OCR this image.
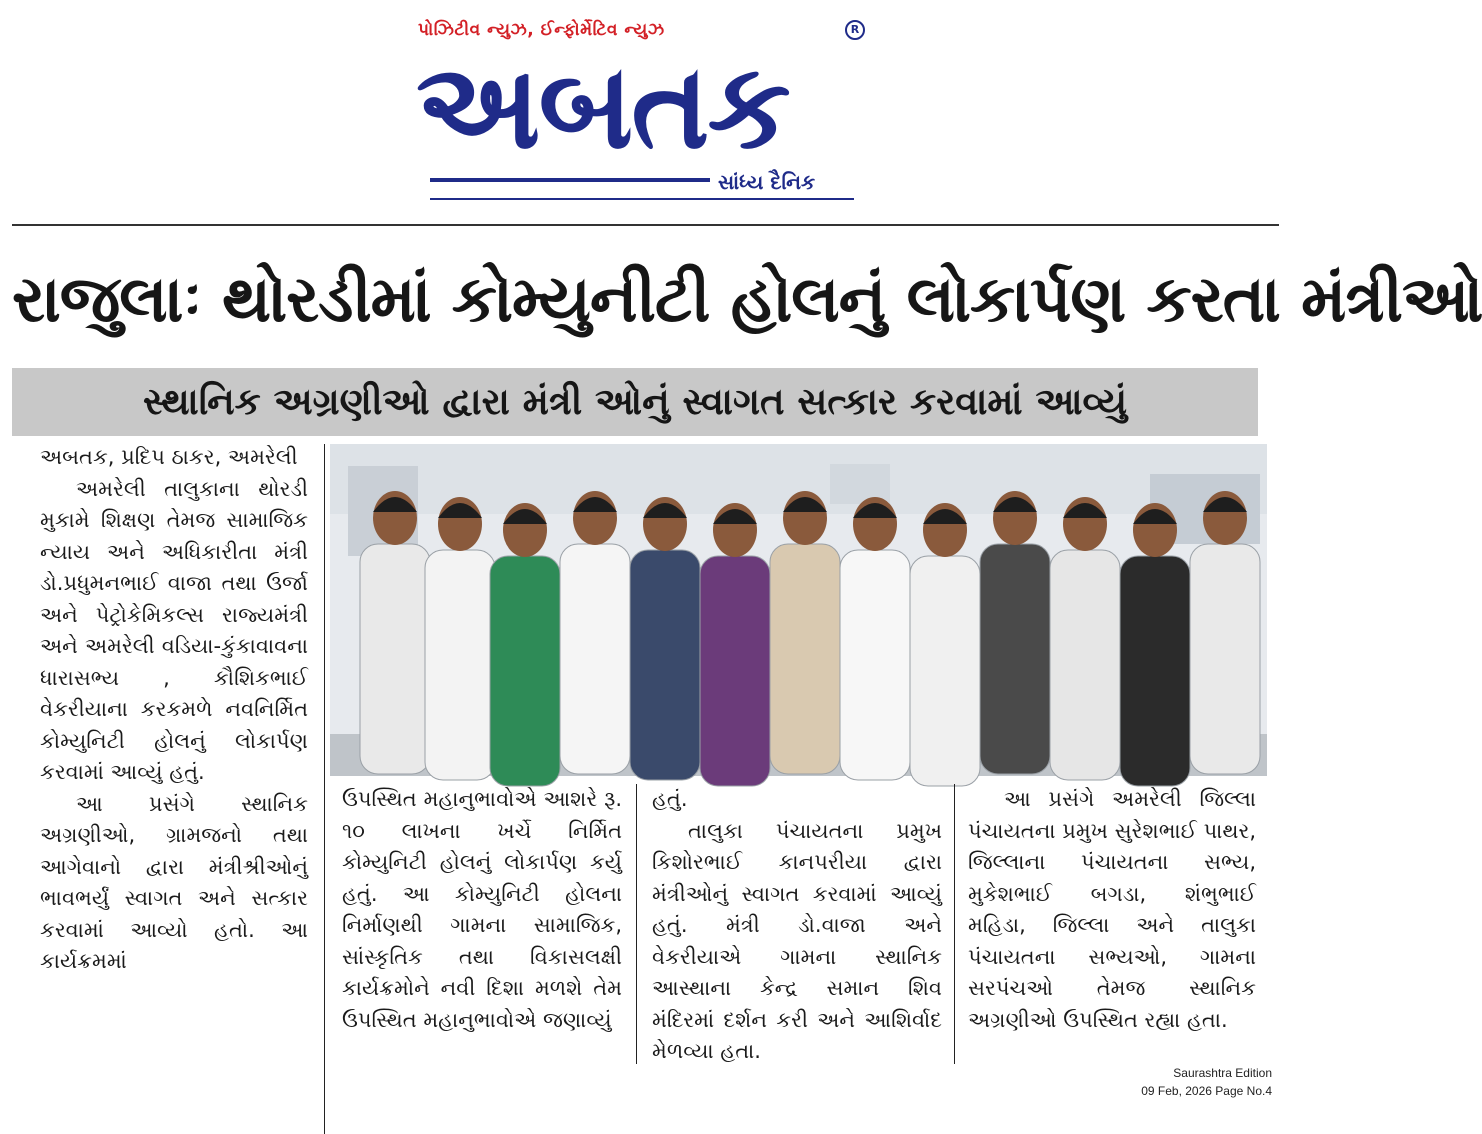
પોઝિટીવ ન્યુઝ, ઈન્ફોર્મેટિવ ન્યુઝ	R
અબતક
સાંધ્ય દૈનિક
રાજુલાઃ થોરડીમાં કોમ્યુનીટી હોલનું લોકાર્પણ કરતા મંત્રીઓ
સ્થાનિક અગ્રણીઓ દ્વારા મંત્રી ઓનું સ્વાગત સત્કાર કરવામાં આવ્યું

અબતક, પ્રદિપ ઠાકર, અમરેલી

અમરેલી તાલુકાના થોરડી મુકામે શિક્ષણ તેમજ સામાજિક ન્યાય અને અધિકારીતા મંત્રી ડો.પ્રધુમનભાઈ વાજા તથા ઉર્જા અને પેટ્રોકેમિકલ્સ રાજ્યમંત્રી અને અમરેલી વડિયા-કુંકાવાવના ધારાસભ્ય , કૌશિકભાઈ વેકરીયાના કરકમળે નવનિર્મિત કોમ્યુનિટી હોલનું લોકાર્પણ કરવામાં આવ્યું હતું.

આ પ્રસંગે સ્થાનિક અગ્રણીઓ, ગ્રામજનો તથા આગેવાનો દ્વારા મંત્રીશ્રીઓનું ભાવભર્યું સ્વાગત અને સત્કાર કરવામાં આવ્યો હતો. આ કાર્યક્રમમાં

ઉપસ્થિત મહાનુભાવોએ આશરે રૂ. ૧૦ લાખના ખર્ચે નિર્મિત કોમ્યુનિટી હોલનું લોકાર્પણ કર્યુ હતું. આ કોમ્યુનિટી હોલના નિર્માણથી ગામના સામાજિક, સાંસ્કૃતિક તથા વિકાસલક્ષી કાર્યક્રમોને નવી દિશા મળશે તેમ ઉપસ્થિત મહાનુભાવોએ જણાવ્યું

હતું.

તાલુકા પંચાયતના પ્રમુખ કિશોરભાઈ કાનપરીયા દ્વારા મંત્રીઓનું સ્વાગત કરવામાં આવ્યું હતું. મંત્રી ડો.વાજા અને વેકરીયાએ ગામના સ્થાનિક આસ્થાના કેન્દ્ર સમાન શિવ મંદિરમાં દર્શન કરી અને આશિર્વાદ મેળવ્યા હતા.

આ પ્રસંગે અમરેલી જિલ્લા પંચાયતના પ્રમુખ સુરેશભાઈ પાથર, જિલ્લાના પંચાયતના સભ્ય, મુકેશભાઈ બગડા, શંભુભાઈ મહિડા, જિલ્લા અને તાલુકા પંચાયતના સભ્યઓ, ગામના સરપંચઓ તેમજ સ્થાનિક અગ્રણીઓ ઉપસ્થિત રહ્યા હતા.

Saurashtra Edition
09 Feb, 2026 Page No.4
